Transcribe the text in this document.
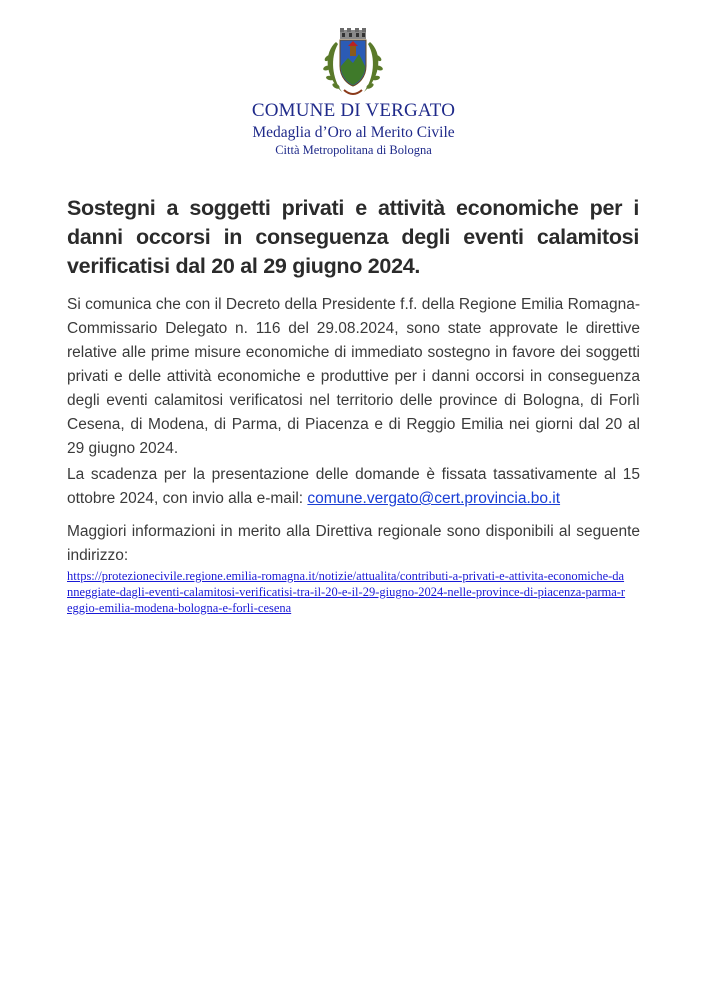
COMUNE DI VERGATO
Medaglia d’Oro al Merito Civile
Città Metropolitana di Bologna
Sostegni a soggetti privati e attività economiche per i danni occorsi in conseguenza degli eventi calamitosi verificatisi dal 20 al 29 giugno 2024.
Si comunica che con il Decreto della Presidente f.f. della Regione Emilia Romagna-Commissario Delegato n. 116 del 29.08.2024, sono state approvate le direttive relative alle prime misure economiche di immediato sostegno in favore dei soggetti privati e delle attività economiche e produttive per i danni occorsi in conseguenza degli eventi calamitosi verificatosi nel territorio delle province di Bologna, di Forlì Cesena, di Modena, di Parma, di Piacenza e di Reggio Emilia nei giorni dal 20 al 29 giugno 2024.
La scadenza per la presentazione delle domande è fissata tassativamente al 15 ottobre 2024, con invio alla e-mail: comune.vergato@cert.provincia.bo.it
Maggiori informazioni in merito alla Direttiva regionale sono disponibili al seguente indirizzo:
https://protezionecivile.regione.emilia-romagna.it/notizie/attualita/contributi-a-privati-e-attivita-economiche-danneggiate-dagli-eventi-calamitosi-verificatisi-tra-il-20-e-il-29-giugno-2024-nelle-province-di-piacenza-parma-reggio-emilia-modena-bologna-e-forli-cesena
